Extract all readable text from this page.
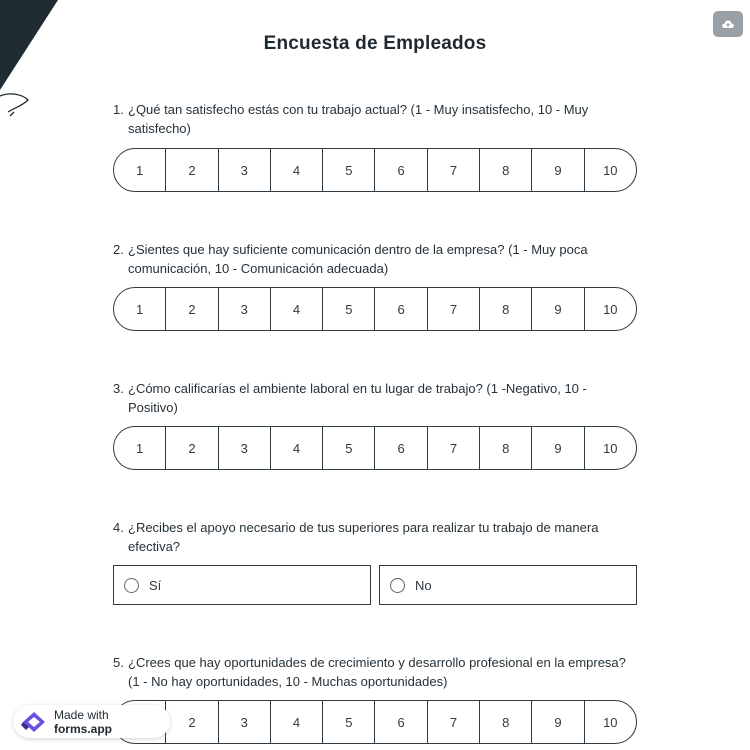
Encuesta de Empleados
1. ¿Qué tan satisfecho estás con tu trabajo actual? (1 - Muy insatisfecho, 10 - Muy satisfecho)
1	2	3	4	5	6	7	8	9	10
2. ¿Sientes que hay suficiente comunicación dentro de la empresa? (1 - Muy poca comunicación, 10 - Comunicación adecuada)
1	2	3	4	5	6	7	8	9	10
3. ¿Cómo calificarías el ambiente laboral en tu lugar de trabajo? (1 -Negativo, 10 - Positivo)
1	2	3	4	5	6	7	8	9	10
4. ¿Recibes el apoyo necesario de tus superiores para realizar tu trabajo de manera efectiva?
Sí	No
5. ¿Crees que hay oportunidades de crecimiento y desarrollo profesional en la empresa? (1 - No hay oportunidades, 10 - Muchas oportunidades)
2	3	4	5	6	7	8	9	10
Made with forms.app
